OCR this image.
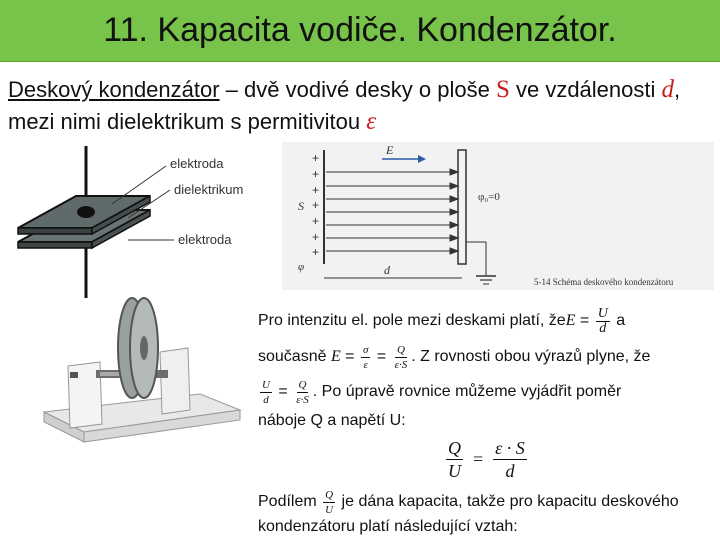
11. Kapacita vodiče. Kondenzátor.
Deskový kondenzátor – dvě vodivé desky o ploše S ve vzdálenosti d, mezi nimi dielektrikum s permitivitou ε
elektroda
dielektrikum
elektroda
+
+
+
+
+
+
+
E
φ₀=0
S
φ	d
5-14 Schéma deskového kondenzátoru
Pro intenzitu el. pole mezi deskami platí, že $E = \frac{U}{d}$ a
současně $E = \frac{\sigma}{\varepsilon} = \frac{Q}{\varepsilon\cdot S}$ . Z rovnosti obou výrazů plyne, že
$\frac{U}{d} = \frac{Q}{\varepsilon\cdot S}$ . Po úpravě rovnice můžeme vyjádřit poměr
náboje Q a napětí U:
$\frac{Q}{U} = \frac{\varepsilon \cdot S}{d}$
Podílem $\frac{Q}{U}$ je dána kapacita, takže pro kapacitu deskového
kondenzátoru platí následující vztah:
